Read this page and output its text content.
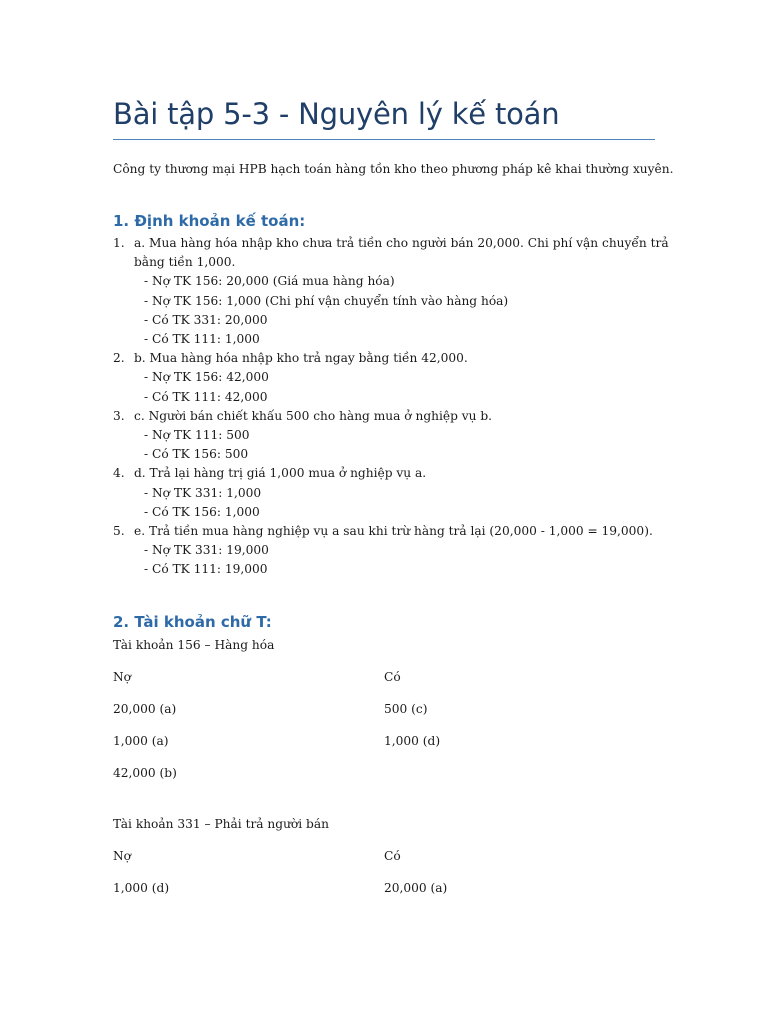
Bài tập 5-3 - Nguyên lý kế toán

Công ty thương mại HPB hạch toán hàng tồn kho theo phương pháp kê khai thường xuyên.

1. Định khoản kế toán:
1. a. Mua hàng hóa nhập kho chưa trả tiền cho người bán 20,000. Chi phí vận chuyển trả bằng tiền 1,000.
- Nợ TK 156: 20,000 (Giá mua hàng hóa)
- Nợ TK 156: 1,000 (Chi phí vận chuyển tính vào hàng hóa)
- Có TK 331: 20,000
- Có TK 111: 1,000
2. b. Mua hàng hóa nhập kho trả ngay bằng tiền 42,000.
- Nợ TK 156: 42,000
- Có TK 111: 42,000
3. c. Người bán chiết khấu 500 cho hàng mua ở nghiệp vụ b.
- Nợ TK 111: 500
- Có TK 156: 500
4. d. Trả lại hàng trị giá 1,000 mua ở nghiệp vụ a.
- Nợ TK 331: 1,000
- Có TK 156: 1,000
5. e. Trả tiền mua hàng nghiệp vụ a sau khi trừ hàng trả lại (20,000 - 1,000 = 19,000).
- Nợ TK 331: 19,000
- Có TK 111: 19,000
2. Tài khoản chữ T:
Tài khoản 156 – Hàng hóa
Nợ	Có
20,000 (a)	500 (c)
1,000 (a)	1,000 (d)
42,000 (b)
Tài khoản 331 – Phải trả người bán
Nợ	Có
1,000 (d)	20,000 (a)
